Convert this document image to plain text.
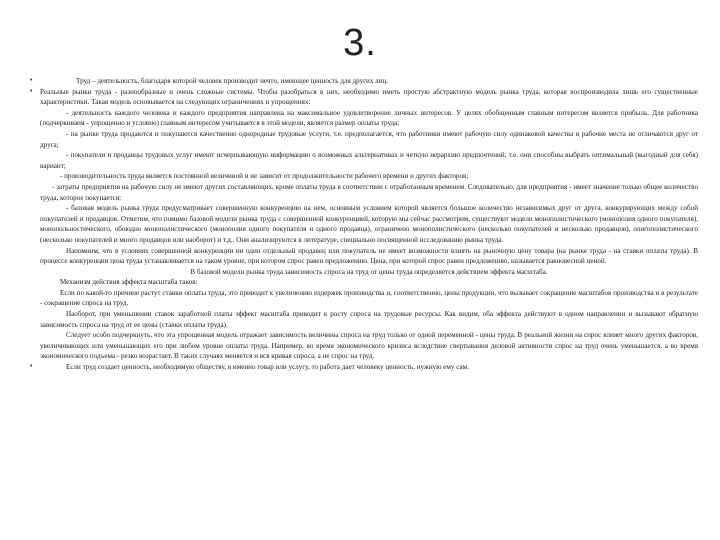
3.
•	Труд – деятельность, благодаря которой человек производит нечто, имеющее ценность для других лиц.

• Реальные рынки труда - разнообразные и очень сложные системы. Чтобы разобраться в них, необходимо иметь простую абстрактную модель рынка труда, которая воспроизводила лишь его существенные характеристики. Такая модель основывается на следующих ограничениях и упрощениях:

- деятельность каждого человека и каждого предприятия направлена на максимальное удовлетворение личных интересов. У целях обобщенным главным интересом является прибыль. Для работника (подчеркиваем - упрощенно и условно) главным интересом учитывается в этой модели, является размер оплаты труда;

- на рынке труда продаются и покупаются качественно однородные трудовые услуги, т.е. предполагается, что работники имеют рабочую силу одинаковой качества и рабочие места не отличаются друг от друга;

- покупатели и продавцы трудовых услуг имеют исчерпывающую информацию о возможных альтернативах и четкую иерархию предпочтений, т.е. они способны выбрать оптимальный (выгодный для себя) вариант;

- производительность труда является постоянной величиной и не зависит от продолжительности рабочего времени и других факторов;

- затраты предприятия на рабочую силу не имеют других составляющих, кроме оплаты труда в соответствии с отработанным временем. Следовательно, для предприятия - имеет значение только общее количество труда, которое покупается;

- базовая модель рынка труда предусматривает совершенную конкуренцию на нем, основным условием которой является большое количество независимых друг от друга, конкурирующих между собой покупателей и продавцов. Отметим, что помимо базовой модели рынка труда с совершенной конкуренцией, которую мы сейчас рассмотрим, существуют модели монополистического (монополия одного покупателя), монопольностического, обоюдно монополистического (монополия одного покупателя и одного продавца), ограничено монополистического (несколько покупателей и несколько продавцов), олигополистического (несколько покупателей и много продавцов или наоборот) и т.д.. Они анализируются в литературе, специально посвященной исследованию рынка труда.

Напомним, что в условиях совершенной конкуренции ни один отдельный продавец или покупатель не имеет возможности влиять на рыночную цену товара (на рынке труда - на ставки оплаты труда). В процессе конкуренции цена труда устанавливается на таком уровне, при котором спрос равен предложению. Цена, при которой спрос равен предложению, называется равновесной ценой.

В базовой модели рынка труда зависимость спроса на труд от цены труда определяется действием эффекта масштаба.

Механизм действия эффекта масштаба таков:

Если по какой-то причине растут ставки оплаты труда, это приводит к увеличению издержек производства и, соответственно, цены продукции, что вызывает сокращение масштабов производства и в результате - сокращение спроса на труд.

Наоборот, при уменьшении ставок заработной платы эффект масштаба приводит к росту спроса на трудовые ресурсы. Как видим, оба эффекта действуют в одном направлении и вызывают обратную зависимость спроса на труд от ее цены (ставки оплаты труда).

Следует особо подчеркнуть, что эта упрощенная модель отражает зависимость величины спроса на труд только от одной переменной - цены труда. В реальной жизни на спрос влияет много других факторов, увеличивающих или уменьшающих его при любом уровне оплаты труда. Например, во время экономического кризиса вследствие свертывания деловой активности спрос на труд очень уменьшается, а во время экономического подъема - резко возрастает. В таких случаях меняется и вся кривая спроса, а не спрос на труд.

•	Если труд создает ценность, необходимую обществу, в именно товар или услугу, то работа дает человеку ценность, нужную ему сам.
